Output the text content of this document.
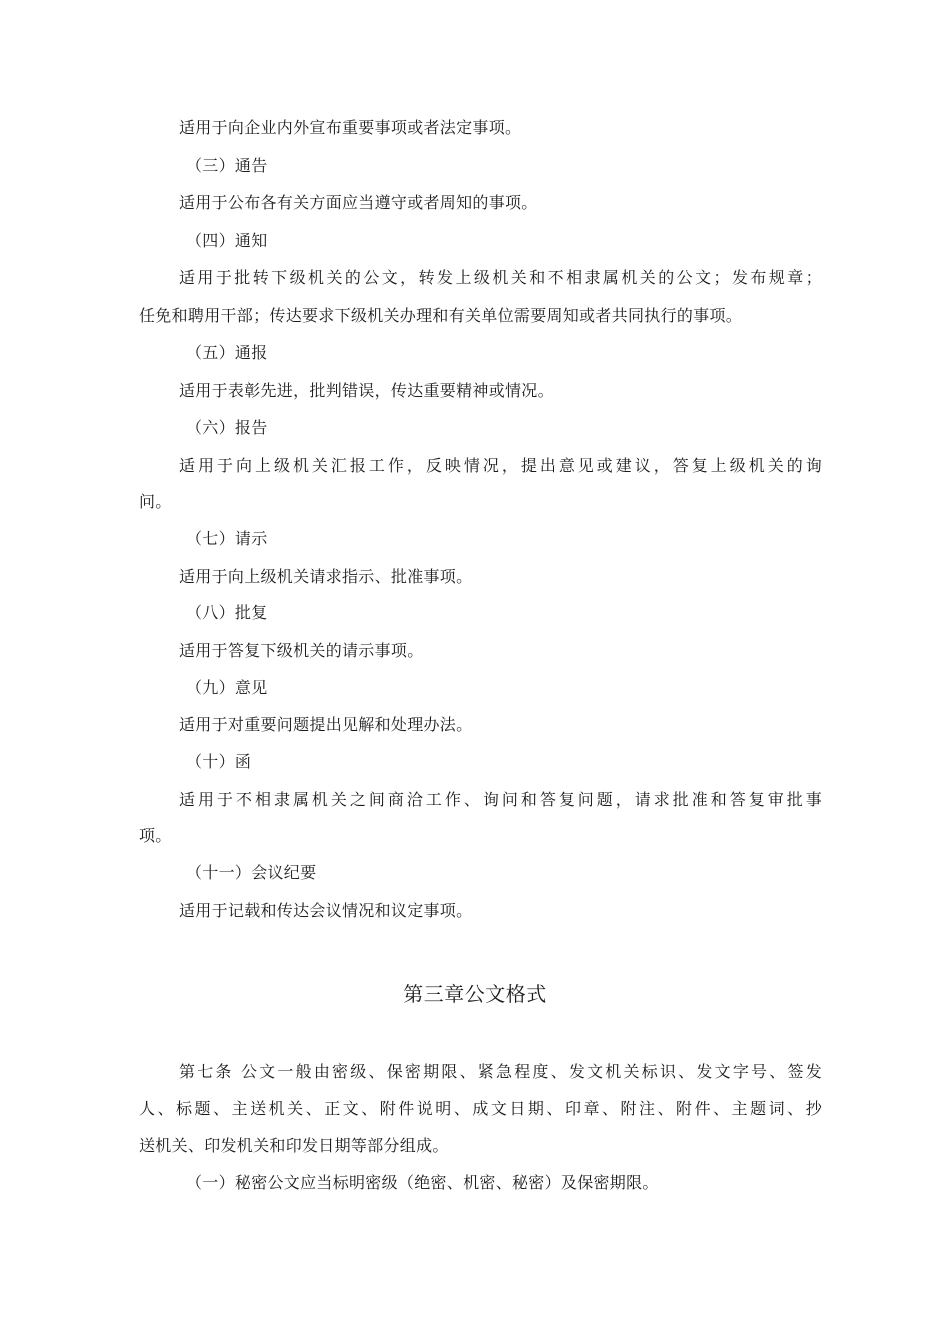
适用于向企业内外宣布重要事项或者法定事项。
（三）通告
适用于公布各有关方面应当遵守或者周知的事项。
（四）通知
适用于批转下级机关的公文，转发上级机关和不相隶属机关的公文；发布规章；
任免和聘用干部；传达要求下级机关办理和有关单位需要周知或者共同执行的事项。
（五）通报
适用于表彰先进，批判错误，传达重要精神或情况。
（六）报告
适用于向上级机关汇报工作，反映情况，提出意见或建议，答复上级机关的询
问。
（七）请示
适用于向上级机关请求指示、批准事项。
（八）批复
适用于答复下级机关的请示事项。
（九）意见
适用于对重要问题提出见解和处理办法。
（十）函
适用于不相隶属机关之间商洽工作、询问和答复问题，请求批准和答复审批事
项。
（十一）会议纪要
适用于记载和传达会议情况和议定事项。
第三章公文格式
第七条 公文一般由密级、保密期限、紧急程度、发文机关标识、发文字号、签发
人、标题、主送机关、正文、附件说明、成文日期、印章、附注、附件、主题词、抄
送机关、印发机关和印发日期等部分组成。
（一）秘密公文应当标明密级（绝密、机密、秘密）及保密期限。
